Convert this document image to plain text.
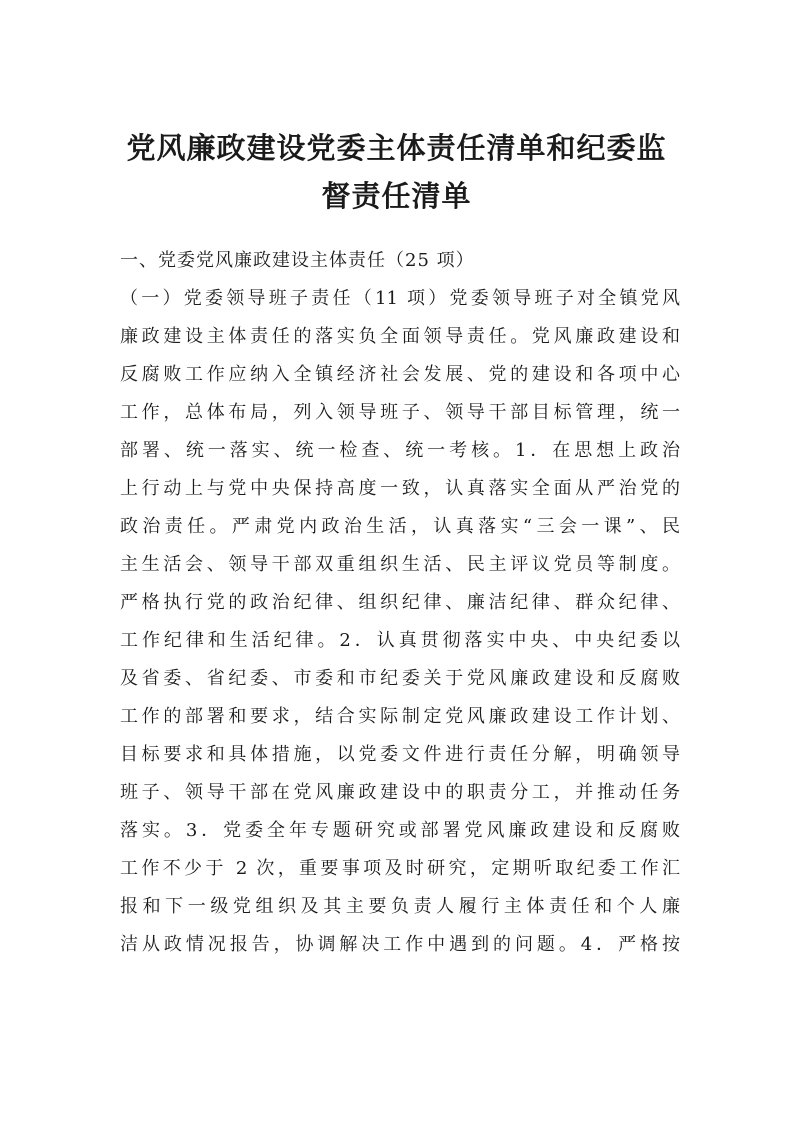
党风廉政建设党委主体责任清单和纪委监
督责任清单

一、党委党风廉政建设主体责任（25 项）

（一）党委领导班子责任（11 项）党委领导班子对全镇党风
廉政建设主体责任的落实负全面领导责任。党风廉政建设和
反腐败工作应纳入全镇经济社会发展、党的建设和各项中心
工作，总体布局，列入领导班子、领导干部目标管理，统一
部署、统一落实、统一检查、统一考核。1．在思想上政治
上行动上与党中央保持高度一致，认真落实全面从严治党的
政治责任。严肃党内政治生活，认真落实“三会一课”、民
主生活会、领导干部双重组织生活、民主评议党员等制度。
严格执行党的政治纪律、组织纪律、廉洁纪律、群众纪律、
工作纪律和生活纪律。2．认真贯彻落实中央、中央纪委以
及省委、省纪委、市委和市纪委关于党风廉政建设和反腐败
工作的部署和要求，结合实际制定党风廉政建设工作计划、
目标要求和具体措施，以党委文件进行责任分解，明确领导
班子、领导干部在党风廉政建设中的职责分工，并推动任务
落实。3．党委全年专题研究或部署党风廉政建设和反腐败
工作不少于 2 次，重要事项及时研究，定期听取纪委工作汇
报和下一级党组织及其主要负责人履行主体责任和个人廉
洁从政情况报告，协调解决工作中遇到的问题。4．严格按
